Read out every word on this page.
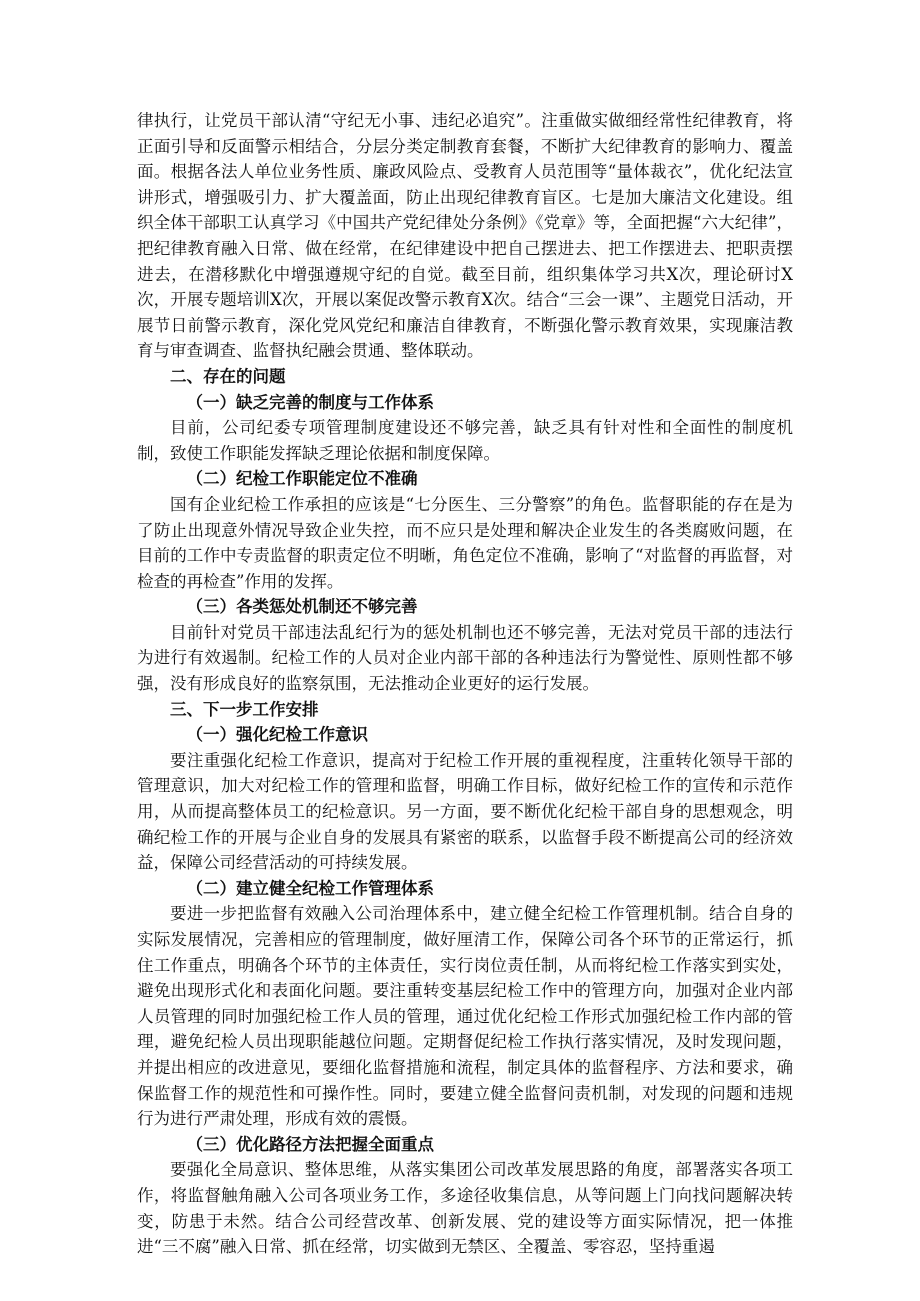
律执行，让党员干部认清“守纪无小事、违纪必追究”。注重做实做细经常性纪律教育，将正面引导和反面警示相结合，分层分类定制教育套餐，不断扩大纪律教育的影响力、覆盖面。根据各法人单位业务性质、廉政风险点、受教育人员范围等“量体裁衣”，优化纪法宣讲形式，增强吸引力、扩大覆盖面，防止出现纪律教育盲区。七是加大廉洁文化建设。组织全体干部职工认真学习《中国共产党纪律处分条例》《党章》等，全面把握“六大纪律”，把纪律教育融入日常、做在经常，在纪律建设中把自己摆进去、把工作摆进去、把职责摆进去，在潜移默化中增强遵规守纪的自觉。截至目前，组织集体学习共X次，理论研讨X次，开展专题培训X次，开展以案促改警示教育X次。结合“三会一课”、主题党日活动，开展节日前警示教育，深化党风党纪和廉洁自律教育，不断强化警示教育效果，实现廉洁教育与审查调查、监督执纪融会贯通、整体联动。

二、存在的问题

（一）缺乏完善的制度与工作体系

目前，公司纪委专项管理制度建设还不够完善，缺乏具有针对性和全面性的制度机制，致使工作职能发挥缺乏理论依据和制度保障。

（二）纪检工作职能定位不准确

国有企业纪检工作承担的应该是“七分医生、三分警察”的角色。监督职能的存在是为了防止出现意外情况导致企业失控，而不应只是处理和解决企业发生的各类腐败问题，在目前的工作中专责监督的职责定位不明晰，角色定位不准确，影响了“对监督的再监督，对检查的再检查”作用的发挥。

（三）各类惩处机制还不够完善

目前针对党员干部违法乱纪行为的惩处机制也还不够完善，无法对党员干部的违法行为进行有效遏制。纪检工作的人员对企业内部干部的各种违法行为警觉性、原则性都不够强，没有形成良好的监察氛围，无法推动企业更好的运行发展。

三、下一步工作安排

（一）强化纪检工作意识

要注重强化纪检工作意识，提高对于纪检工作开展的重视程度，注重转化领导干部的管理意识，加大对纪检工作的管理和监督，明确工作目标，做好纪检工作的宣传和示范作用，从而提高整体员工的纪检意识。另一方面，要不断优化纪检干部自身的思想观念，明确纪检工作的开展与企业自身的发展具有紧密的联系，以监督手段不断提高公司的经济效益，保障公司经营活动的可持续发展。

（二）建立健全纪检工作管理体系

要进一步把监督有效融入公司治理体系中，建立健全纪检工作管理机制。结合自身的实际发展情况，完善相应的管理制度，做好厘清工作，保障公司各个环节的正常运行，抓住工作重点，明确各个环节的主体责任，实行岗位责任制，从而将纪检工作落实到实处，避免出现形式化和表面化问题。要注重转变基层纪检工作中的管理方向，加强对企业内部人员管理的同时加强纪检工作人员的管理，通过优化纪检工作形式加强纪检工作内部的管理，避免纪检人员出现职能越位问题。定期督促纪检工作执行落实情况，及时发现问题，并提出相应的改进意见，要细化监督措施和流程，制定具体的监督程序、方法和要求，确保监督工作的规范性和可操作性。同时，要建立健全监督问责机制，对发现的问题和违规行为进行严肃处理，形成有效的震慑。

（三）优化路径方法把握全面重点

要强化全局意识、整体思维，从落实集团公司改革发展思路的角度，部署落实各项工作，将监督触角融入公司各项业务工作，多途径收集信息，从等问题上门向找问题解决转变，防患于未然。结合公司经营改革、创新发展、党的建设等方面实际情况，把一体推进“三不腐”融入日常、抓在经常，切实做到无禁区、全覆盖、零容忍，坚持重遏
